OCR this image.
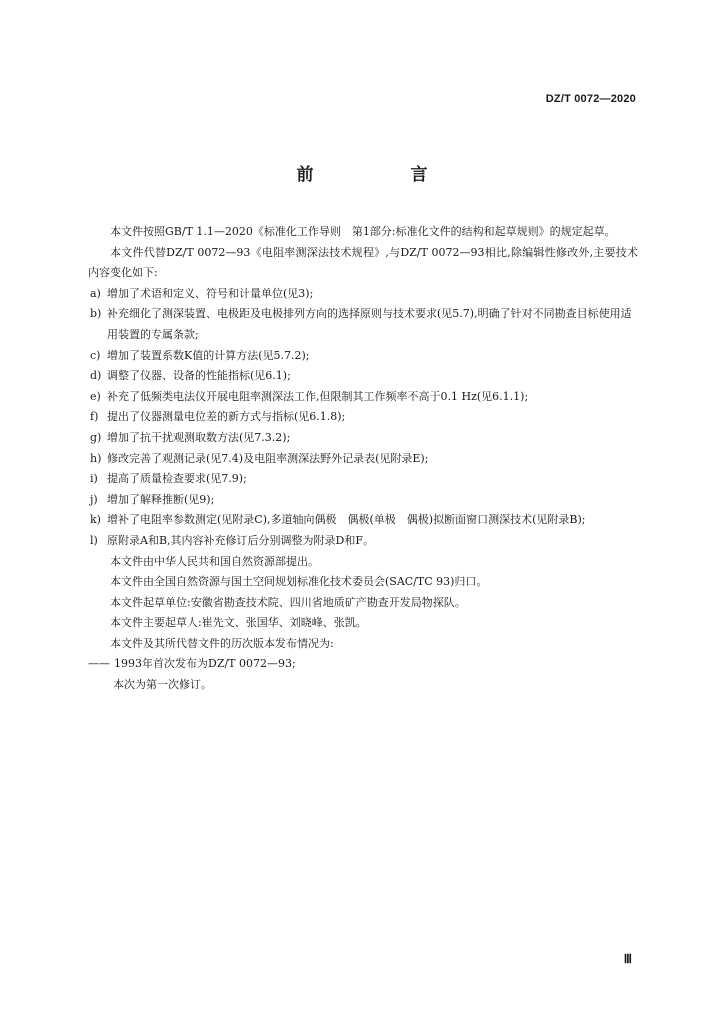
DZ/T 0072—2020
前　言

本文件按照GB/T 1.1—2020《标准化工作导则　第1部分:标准化文件的结构和起草规则》的规定起草。

本文件代替DZ/T 0072—93《电阻率测深法技术规程》,与DZ/T 0072—93相比,除编辑性修改外,主要技术内容变化如下:

a) 增加了术语和定义、符号和计量单位(见3);
b) 补充细化了测深装置、电极距及电极排列方向的选择原则与技术要求(见5.7),明确了针对不同勘查目标使用适用装置的专属条款;
c) 增加了装置系数K值的计算方法(见5.7.2);
d) 调整了仪器、设备的性能指标(见6.1);
e) 补充了低频类电法仪开展电阻率测深法工作,但限制其工作频率不高于0.1 Hz(见6.1.1);
f) 提出了仪器测量电位差的新方式与指标(见6.1.8);
g) 增加了抗干扰观测取数方法(见7.3.2);
h) 修改完善了观测记录(见7.4)及电阻率测深法野外记录表(见附录E);
i) 提高了质量检查要求(见7.9);
j) 增加了解释推断(见9);
k) 增补了电阻率参数测定(见附录C),多道轴向偶极　偶极(单极　偶极)拟断面窗口测深技术(见附录B);
l) 原附录A和B,其内容补充修订后分别调整为附录D和F。

本文件由中华人民共和国自然资源部提出。

本文件由全国自然资源与国土空间规划标准化技术委员会(SAC/TC 93)归口。

本文件起草单位:安徽省勘查技术院、四川省地质矿产勘查开发局物探队。

本文件主要起草人:崔先文、张国华、刘晓峰、张凯。

本文件及其所代替文件的历次版本发布情况为:

—— 1993年首次发布为DZ/T 0072—93;

本次为第一次修订。

Ⅲ
